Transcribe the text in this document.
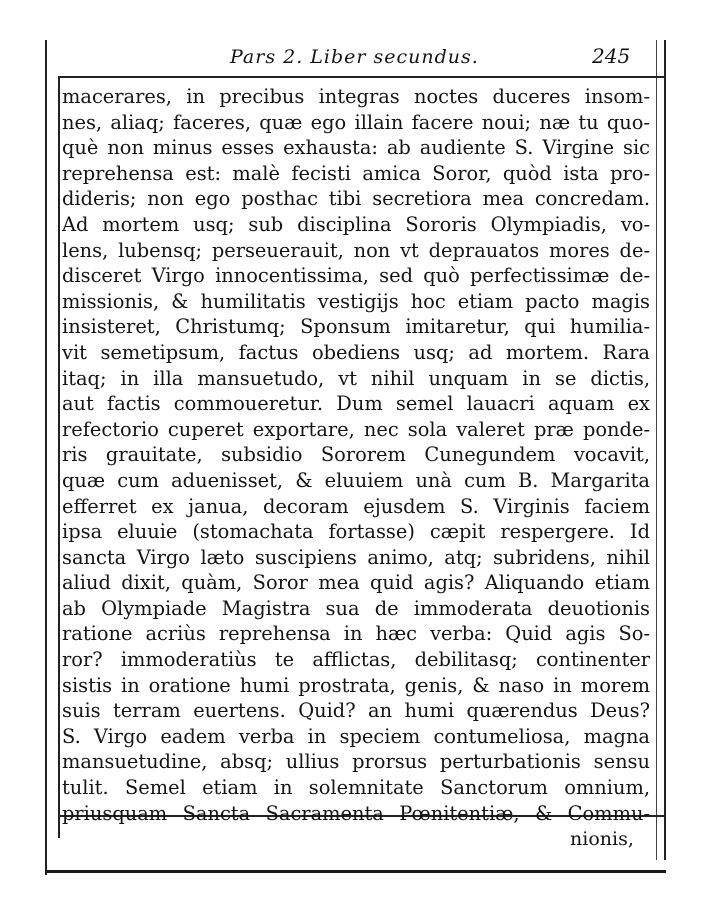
Pars 2. Liber secundus.	245
macerares, in precibus integras noctes duceres insom-
nes, aliaq; faceres, quæ ego illain facere noui; næ tu quo-
què non minus esses exhausta: ab audiente S. Virgine sic
reprehensa est: malè fecisti amica Soror, quòd ista pro-
dideris; non ego posthac tibi secretiora mea concredam.
Ad mortem usq; sub disciplina Sororis Olympiadis, vo-
lens, lubensq; perseuerauit, non vt deprauatos mores de-
disceret Virgo innocentissima, sed quò perfectissimæ de-
missionis, & humilitatis vestigijs hoc etiam pacto magis
insisteret, Christumq; Sponsum imitaretur, qui humilia-
vit semetipsum, factus obediens usq; ad mortem. Rara
itaq; in illa mansuetudo, vt nihil unquam in se dictis,
aut factis commoueretur. Dum semel lauacri aquam ex
refectorio cuperet exportare, nec sola valeret præ ponde-
ris grauitate, subsidio Sororem Cunegundem vocavit,
quæ cum aduenisset, & eluuiem unà cum B. Margarita
efferret ex janua, decoram ejusdem S. Virginis faciem
ipsa eluuie (stomachata fortasse) cæpit respergere. Id
sancta Virgo læto suscipiens animo, atq; subridens, nihil
aliud dixit, quàm, Soror mea quid agis? Aliquando etiam
ab Olympiade Magistra sua de immoderata deuotionis
ratione acriùs reprehensa in hæc verba: Quid agis So-
ror? immoderatiùs te afflictas, debilitasq; continenter
sistis in oratione humi prostrata, genis, & naso in morem
suis terram euertens. Quid? an humi quærendus Deus?
S. Virgo eadem verba in speciem contumeliosa, magna
mansuetudine, absq; ullius prorsus perturbationis sensu
tulit. Semel etiam in solemnitate Sanctorum omnium,
priusquam Sancta Sacramenta Pœnitentiæ, & Commu-
nionis,
